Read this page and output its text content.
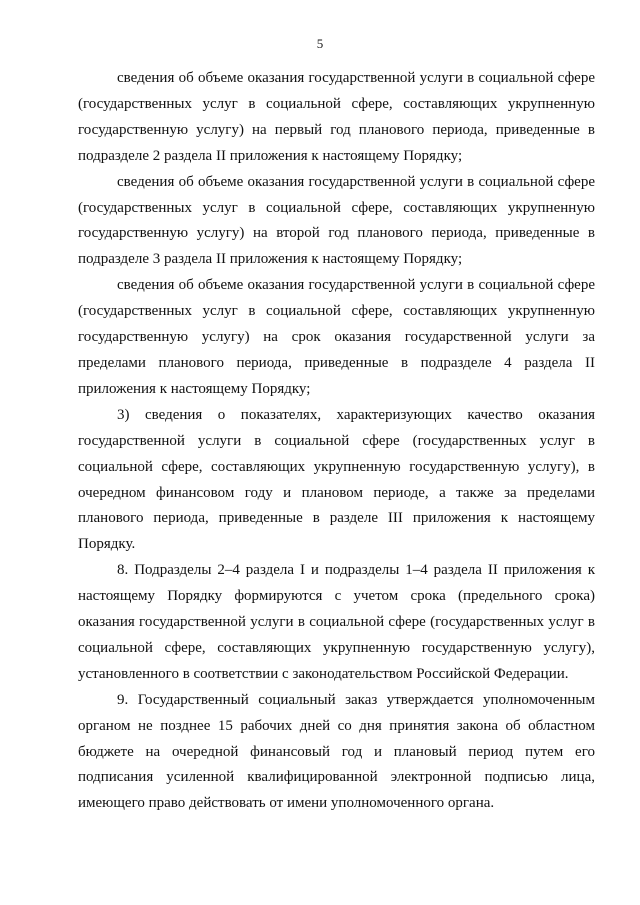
5

сведения об объеме оказания государственной услуги в социальной сфере (государственных услуг в социальной сфере, составляющих укрупненную государственную услугу) на первый год планового периода, приведенные в подразделе 2 раздела II приложения к настоящему Порядку;

сведения об объеме оказания государственной услуги в социальной сфере (государственных услуг в социальной сфере, составляющих укрупненную государственную услугу) на второй год планового периода, приведенные в подразделе 3 раздела II приложения к настоящему Порядку;

сведения об объеме оказания государственной услуги в социальной сфере (государственных услуг в социальной сфере, составляющих укрупненную государственную услугу) на срок оказания государственной услуги за пределами планового периода, приведенные в подразделе 4 раздела II приложения к настоящему Порядку;

3) сведения о показателях, характеризующих качество оказания государственной услуги в социальной сфере (государственных услуг в социальной сфере, составляющих укрупненную государственную услугу), в очередном финансовом году и плановом периоде, а также за пределами планового периода, приведенные в разделе III приложения к настоящему Порядку.

8. Подразделы 2–4 раздела I и подразделы 1–4 раздела II приложения к настоящему Порядку формируются с учетом срока (предельного срока) оказания государственной услуги в социальной сфере (государственных услуг в социальной сфере, составляющих укрупненную государственную услугу), установленного в соответствии с законодательством Российской Федерации.

9. Государственный социальный заказ утверждается уполномоченным органом не позднее 15 рабочих дней со дня принятия закона об областном бюджете на очередной финансовый год и плановый период путем его подписания усиленной квалифицированной электронной подписью лица, имеющего право действовать от имени уполномоченного органа.
